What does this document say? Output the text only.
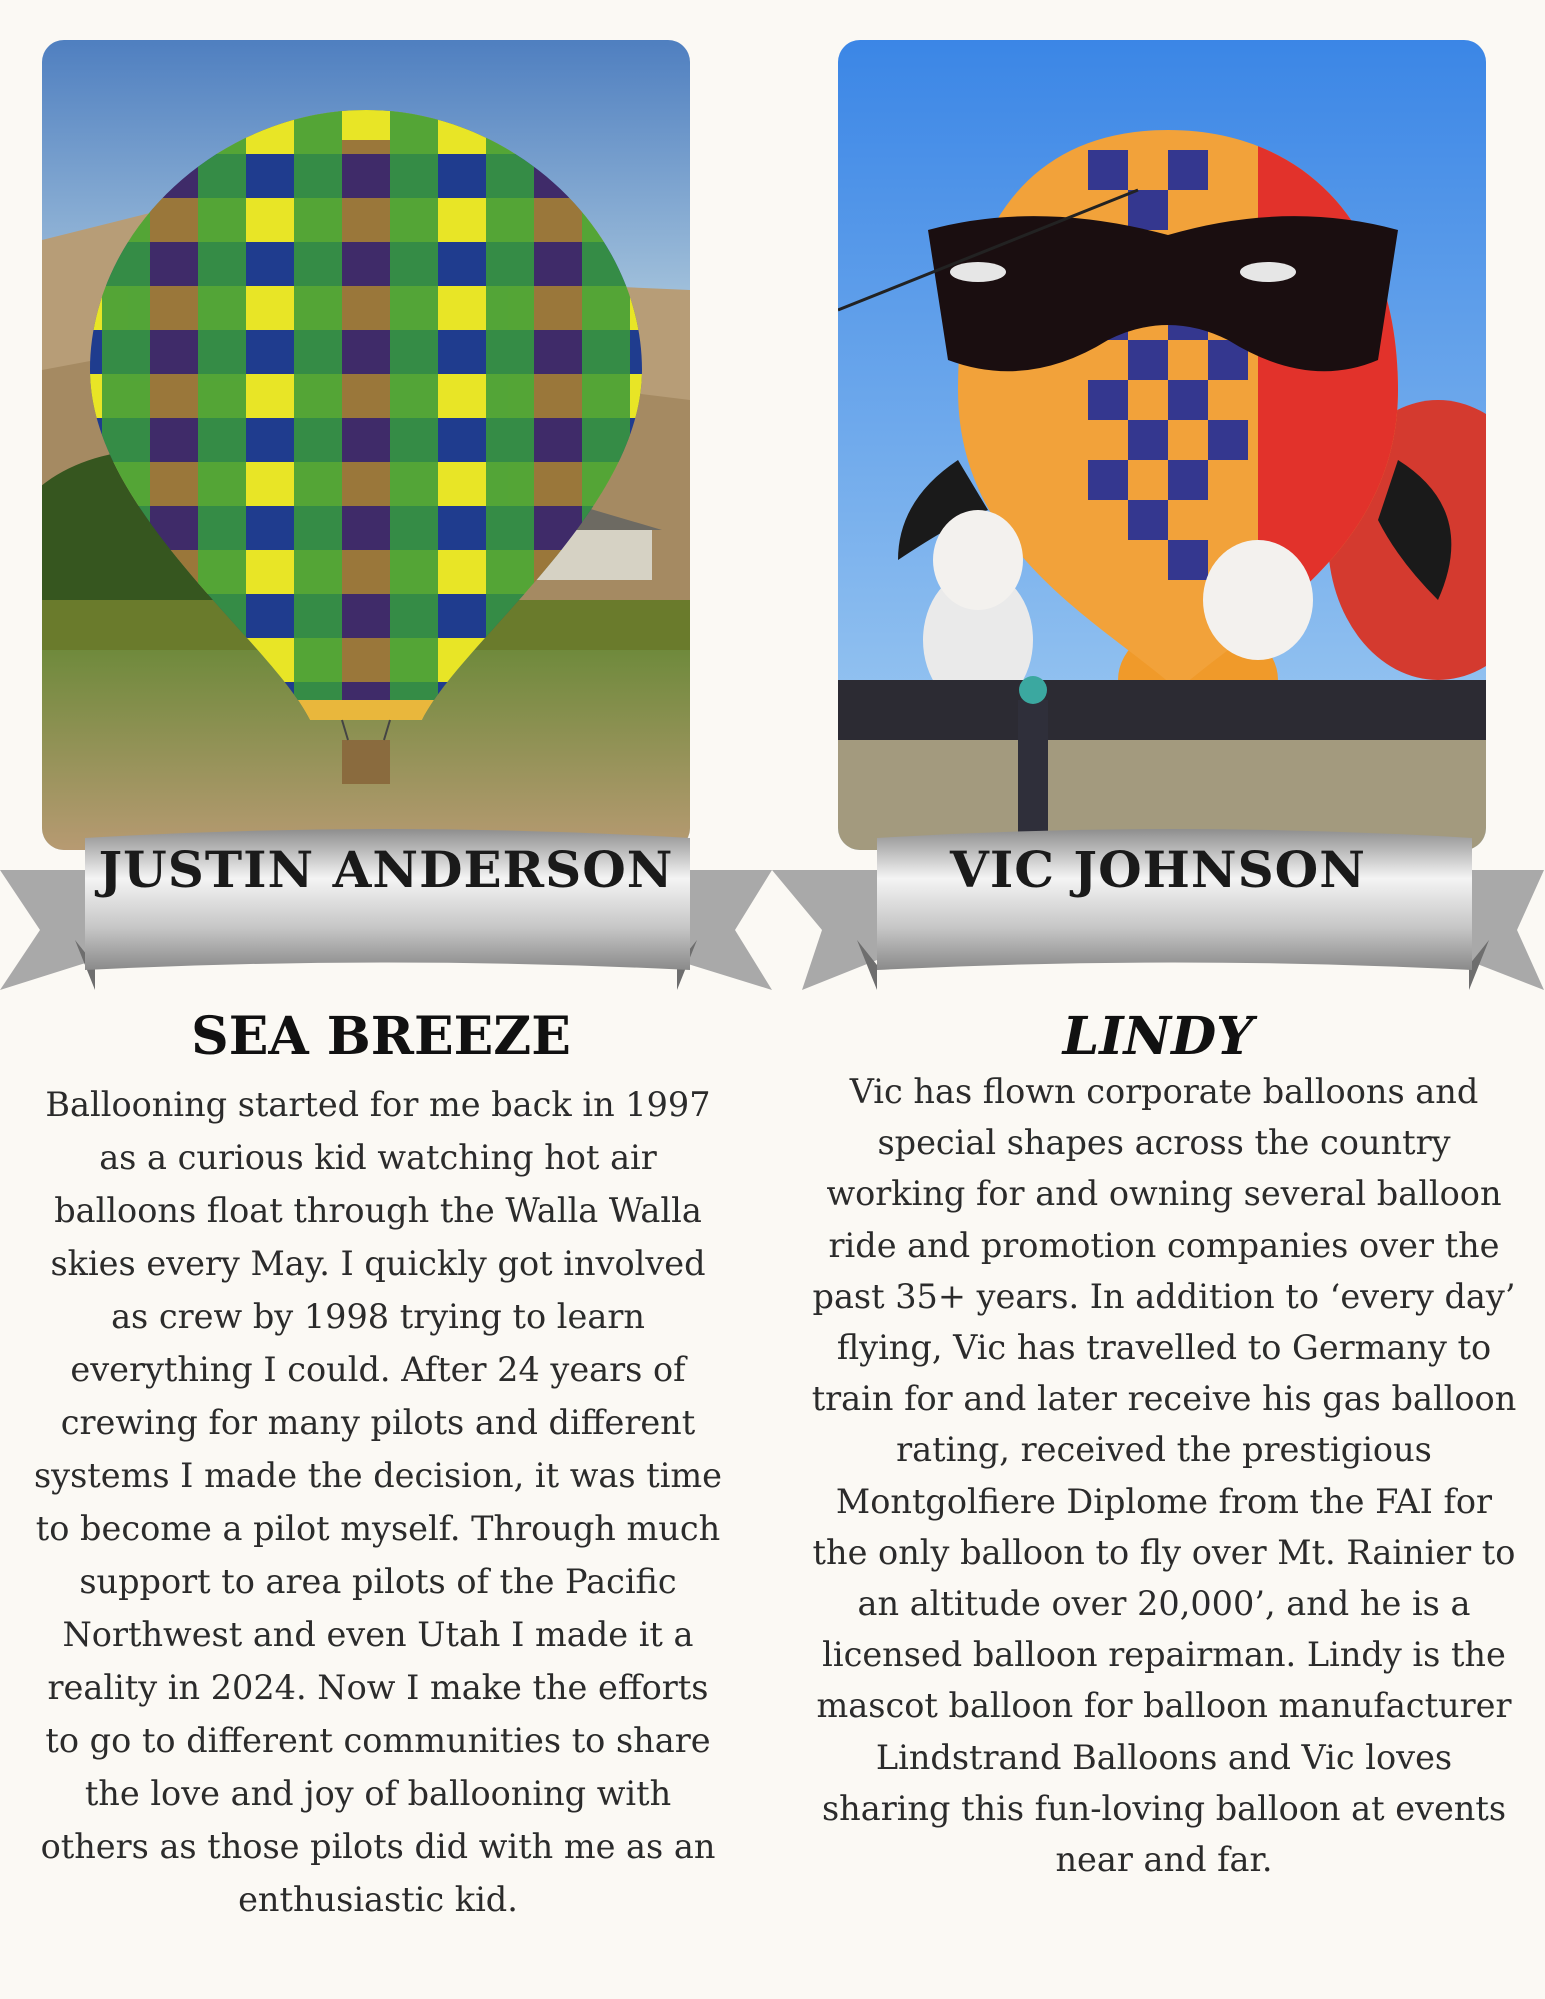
JUSTIN ANDERSON
SEA BREEZE

Ballooning started for me back in 1997 as a curious kid watching hot air balloons float through the Walla Walla skies every May. I quickly got involved as crew by 1998 trying to learn everything I could. After 24 years of crewing for many pilots and different systems I made the decision, it was time to become a pilot myself. Through much support to area pilots of the Pacific Northwest and even Utah I made it a reality in 2024. Now I make the efforts to go to different communities to share the love and joy of ballooning with others as those pilots did with me as an enthusiastic kid.

VIC JOHNSON
LINDY

Vic has flown corporate balloons and special shapes across the country working for and owning several balloon ride and promotion companies over the past 35+ years. In addition to ‘every day’ flying, Vic has travelled to Germany to train for and later receive his gas balloon rating, received the prestigious Montgolfiere Diplome from the FAI for the only balloon to fly over Mt. Rainier to an altitude over 20,000’, and he is a licensed balloon repairman. Lindy is the mascot balloon for balloon manufacturer Lindstrand Balloons and Vic loves sharing this fun-loving balloon at events near and far.
